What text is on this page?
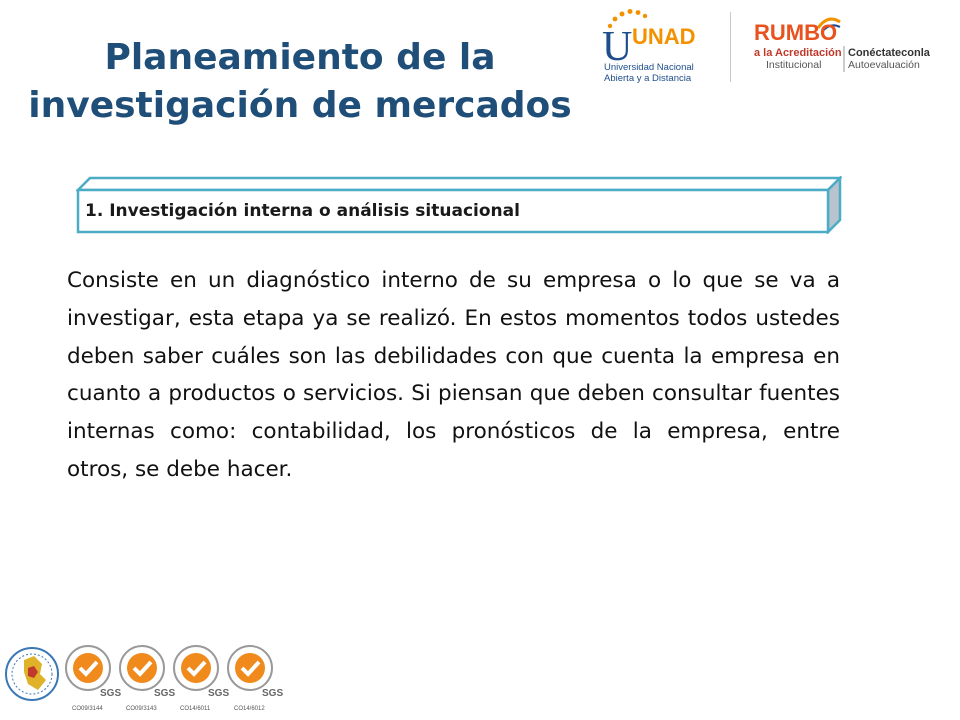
Planeamiento de la
investigación de mercados
U UNAD
Universidad Nacional
Abierta y a Distancia
RUMBO
a la Acreditación
Institucional
Conéctateconla
Autoevaluación
1. Investigación interna o análisis situacional

Consiste en un diagnóstico interno de su empresa o lo que se va a investigar, esta etapa ya se realizó. En estos momentos todos ustedes deben saber cuáles son las debilidades con que cuenta la empresa en cuanto a productos o servicios. Si piensan que deben consultar fuentes internas como: contabilidad, los pronósticos de la empresa, entre otros, se debe hacer.

SGS
CO09/3144
SGS
CO09/3143
SGS
CO14/6011
SGS
CO14/6012
